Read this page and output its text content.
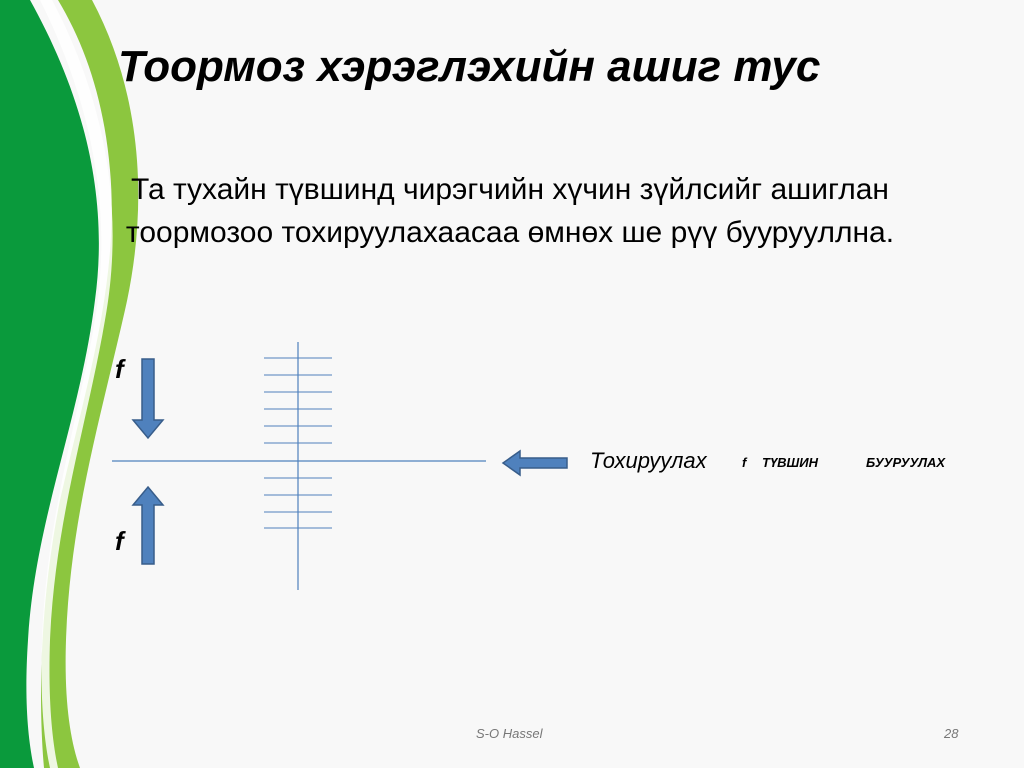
Тоормоз хэрэглэхийн ашиг тус
Та тухайн түвшинд чирэгчийн хүчин зүйлсийг ашиглан тоормозоо тохируулахаасаа өмнөх ше рүү буурууллна.
f
f
Тохируулах	f ТҮВШИН	БУУРУУЛАХ
S-O Hassel	28
